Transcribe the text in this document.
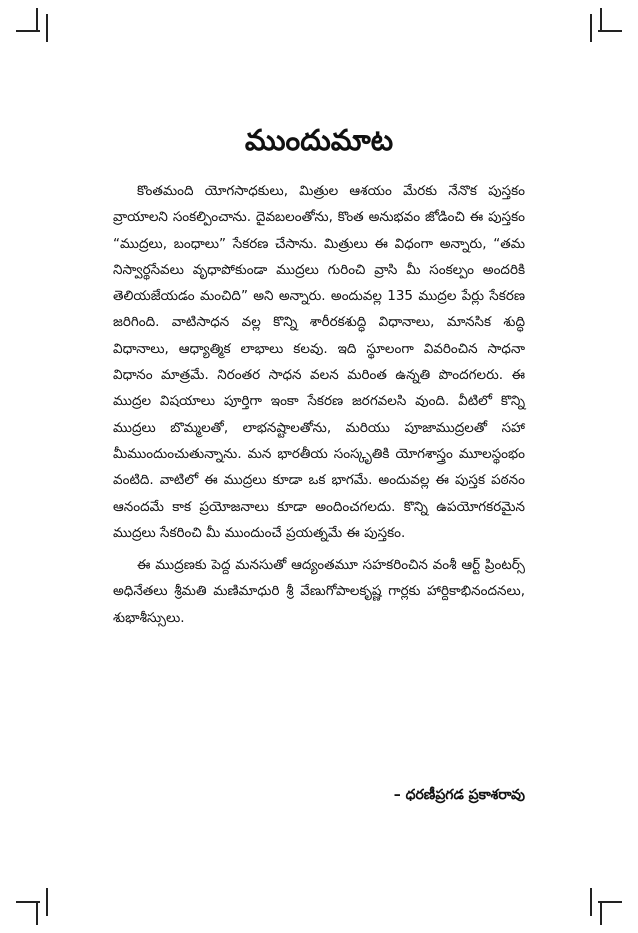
ముందుమాట

కొంతమంది యోగసాధకులు, మిత్రుల ఆశయం మేరకు నేనొక పుస్తకం వ్రాయాలని సంకల్పించాను. దైవబలంతోను, కొంత అనుభవం జోడించి ఈ పుస్తకం “ముద్రలు, బంధాలు” సేకరణ చేసాను. మిత్రులు ఈ విధంగా అన్నారు, “తమ నిస్వార్థసేవలు వృధాపోకుండా ముద్రలు గురించి వ్రాసి మీ సంకల్పం అందరికి తెలియజేయడం మంచిది” అని అన్నారు. అందువల్ల 135 ముద్రల పేర్లు సేకరణ జరిగింది. వాటిసాధన వల్ల కొన్ని శారీరకశుద్ధి విధానాలు, మానసిక శుద్ధి విధానాలు, ఆధ్యాత్మిక లాభాలు కలవు. ఇది స్థూలంగా వివరించిన సాధనా విధానం మాత్రమే. నిరంతర సాధన వలన మరింత ఉన్నతి పొందగలరు. ఈ ముద్రల విషయాలు పూర్తిగా ఇంకా సేకరణ జరగవలసి వుంది. వీటిలో కొన్ని ముద్రలు బొమ్మలతో, లాభనష్టాలతోను, మరియు పూజాముద్రలతో సహా మీముందుంచుతున్నాను. మన భారతీయ సంస్కృతికి యోగశాస్త్రం మూలస్థంభం వంటిది. వాటిలో ఈ ముద్రలు కూడా ఒక భాగమే. అందువల్ల ఈ పుస్తక పఠనం ఆనందమే కాక ప్రయోజనాలు కూడా అందించగలదు. కొన్ని ఉపయోగకరమైన ముద్రలు సేకరించి మీ ముందుంచే ప్రయత్నమే ఈ పుస్తకం.

ఈ ముద్రణకు పెద్ద మనసుతో ఆద్యంతమూ సహకరించిన వంశీ ఆర్ట్ ప్రింటర్స్ అధినేతలు శ్రీమతి మణిమాధురి శ్రీ వేణుగోపాలకృష్ణ గార్లకు హార్దికాభినందనలు, శుభాశీస్సులు.

– ధరణీప్రగడ ప్రకాశరావు
